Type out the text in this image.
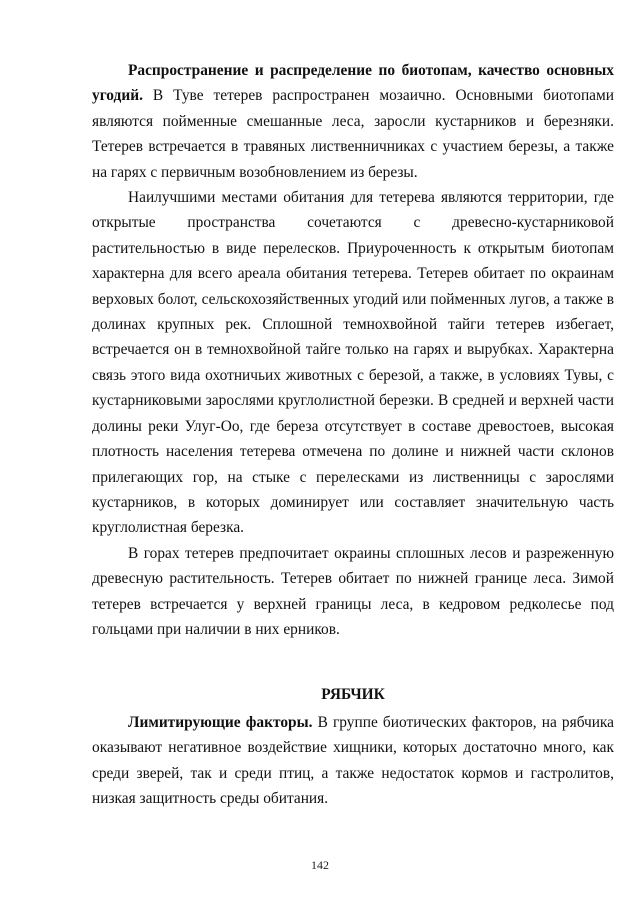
Распространение и распределение по биотопам, качество основных угодий. В Туве тетерев распространен мозаично. Основными биотопами являются пойменные смешанные леса, заросли кустарников и березняки. Тетерев встречается в травяных лиственничниках с участием березы, а также на гарях с первичным возобновлением из березы.

Наилучшими местами обитания для тетерева являются территории, где открытые пространства сочетаются с древесно-кустарниковой растительностью в виде перелесков. Приуроченность к открытым биотопам характерна для всего ареала обитания тетерева. Тетерев обитает по окраинам верховых болот, сельскохозяйственных угодий или пойменных лугов, а также в долинах крупных рек. Сплошной темнохвойной тайги тетерев избегает, встречается он в темнохвойной тайге только на гарях и вырубках. Характерна связь этого вида охотничьих животных с березой, а также, в условиях Тувы, с кустарниковыми зарослями круглолистной березки. В средней и верхней части долины реки Улуг-Оо, где береза отсутствует в составе древостоев, высокая плотность населения тетерева отмечена по долине и нижней части склонов прилегающих гор, на стыке с перелесками из лиственницы с зарослями кустарников, в которых доминирует или составляет значительную часть круглолистная березка.

В горах тетерев предпочитает окраины сплошных лесов и разреженную древесную растительность. Тетерев обитает по нижней границе леса. Зимой тетерев встречается у верхней границы леса, в кедровом редколесье под гольцами при наличии в них ерников.

РЯБЧИК

Лимитирующие факторы. В группе биотических факторов, на рябчика оказывают негативное воздействие хищники, которых достаточно много, как среди зверей, так и среди птиц, а также недостаток кормов и гастролитов, низкая защитность среды обитания.

142
